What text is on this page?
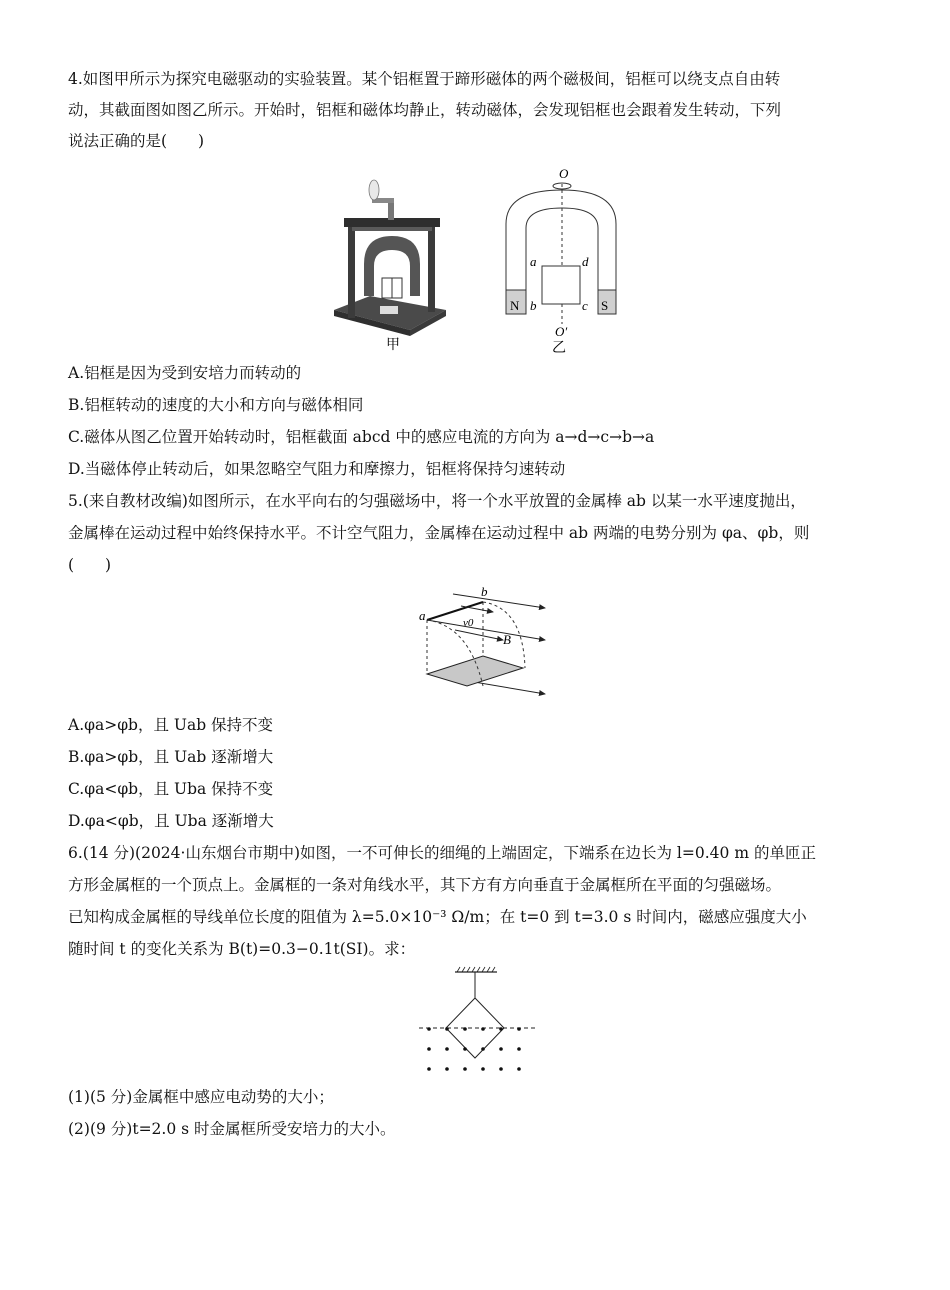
4.如图甲所示为探究电磁驱动的实验装置。某个铝框置于蹄形磁体的两个磁极间，铝框可以绕支点自由转
动，其截面图如图乙所示。开始时，铝框和磁体均静止，转动磁体，会发现铝框也会跟着发生转动，下列
说法正确的是(　　)
甲
O
a	d
b	c
N	S
O′
乙
A.铝框是因为受到安培力而转动的
B.铝框转动的速度的大小和方向与磁体相同
C.磁体从图乙位置开始转动时，铝框截面 abcd 中的感应电流的方向为 a→d→c→b→a
D.当磁体停止转动后，如果忽略空气阻力和摩擦力，铝框将保持匀速转动
5.(来自教材改编)如图所示，在水平向右的匀强磁场中，将一个水平放置的金属棒 ab 以某一水平速度抛出，
金属棒在运动过程中始终保持水平。不计空气阻力，金属棒在运动过程中 ab 两端的电势分别为 φa、φb，则
(　　)
a
b
v0
B
A.φa>φb，且 Uab 保持不变
B.φa>φb，且 Uab 逐渐增大
C.φa<φb，且 Uba 保持不变
D.φa<φb，且 Uba 逐渐增大
6.(14 分)(2024·山东烟台市期中)如图，一不可伸长的细绳的上端固定，下端系在边长为 l=0.40 m 的单匝正
方形金属框的一个顶点上。金属框的一条对角线水平，其下方有方向垂直于金属框所在平面的匀强磁场。
已知构成金属框的导线单位长度的阻值为 λ=5.0×10⁻³ Ω/m；在 t=0 到 t=3.0 s 时间内，磁感应强度大小
随时间 t 的变化关系为 B(t)=0.3−0.1t(SI)。求：
(1)(5 分)金属框中感应电动势的大小；
(2)(9 分)t=2.0 s 时金属框所受安培力的大小。
